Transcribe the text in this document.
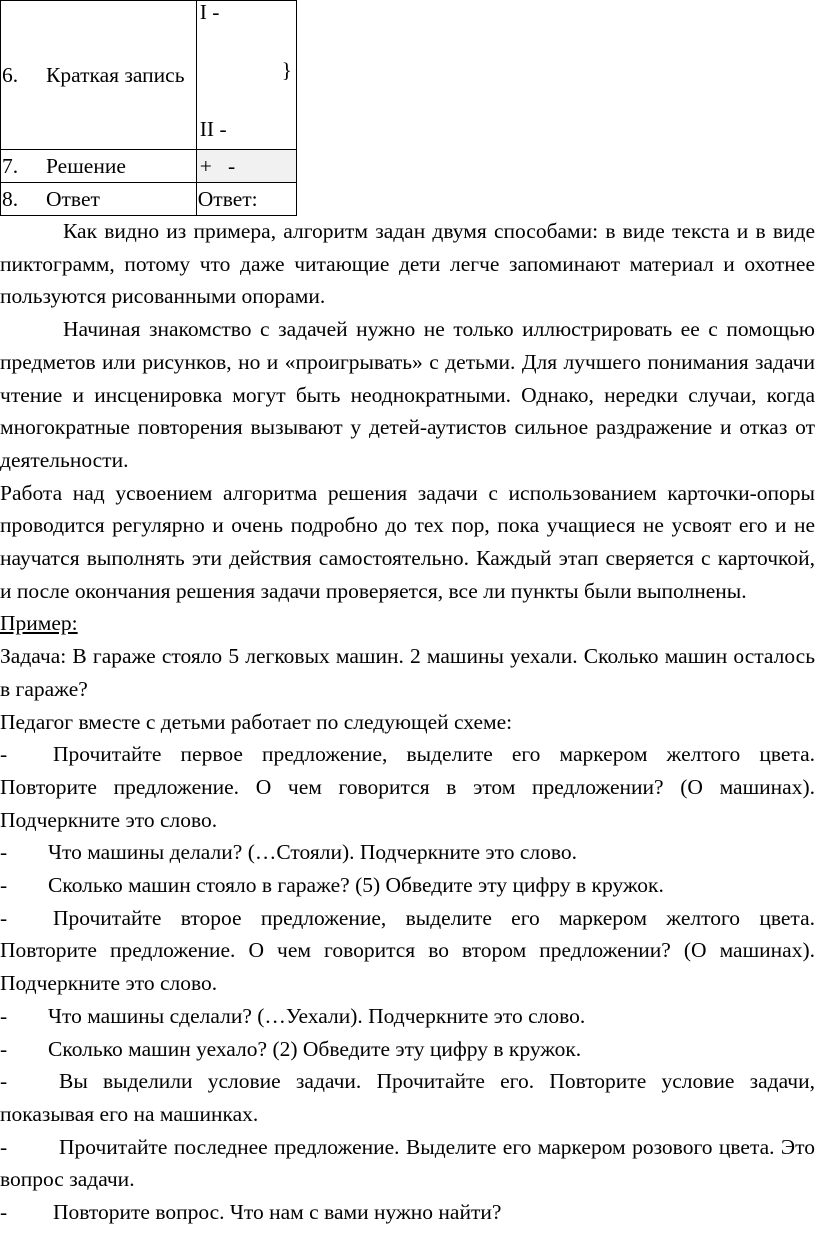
6. Краткая запись	I -
}
II -

7. Решение	+   -
8. Ответ	Ответ:

Как видно из примера, алгоритм задан двумя способами: в виде текста и в виде пиктограмм, потому что даже читающие дети легче запоминают материал и охотнее пользуются рисованными опорами.

Начиная знакомство с задачей нужно не только иллюстрировать ее с помощью предметов или рисунков, но и «проигрывать» с детьми. Для лучшего понимания задачи чтение и инсценировка могут быть неоднократными. Однако, нередки случаи, когда многократные повторения вызывают у детей-аутистов сильное раздражение и отказ от деятельности.

Работа над усвоением алгоритма решения задачи с использованием карточки-опоры проводится регулярно и очень подробно до тех пор, пока учащиеся не усвоят его и не научатся выполнять эти действия самостоятельно. Каждый этап сверяется с карточкой, и после окончания решения задачи проверяется, все ли пункты были выполнены.

Пример:

Задача: В гараже стояло 5 легковых машин. 2 машины уехали. Сколько машин осталось в гараже?

Педагог вместе с детьми работает по следующей схеме:

- Прочитайте первое предложение, выделите его маркером желтого цвета. Повторите предложение. О чем говорится в этом предложении? (О машинах). Подчеркните это слово.

- Что машины делали? (…Стояли). Подчеркните это слово.

- Сколько машин стояло в гараже? (5) Обведите эту цифру в кружок.

- Прочитайте второе предложение, выделите его маркером желтого цвета. Повторите предложение. О чем говорится во втором предложении? (О машинах). Подчеркните это слово.

- Что машины сделали? (…Уехали). Подчеркните это слово.

- Сколько машин уехало? (2) Обведите эту цифру в кружок.

- Вы выделили условие задачи. Прочитайте его. Повторите условие задачи, показывая его на машинках.

- Прочитайте последнее предложение. Выделите его маркером розового цвета. Это вопрос задачи.

- Повторите вопрос. Что нам с вами нужно найти?
